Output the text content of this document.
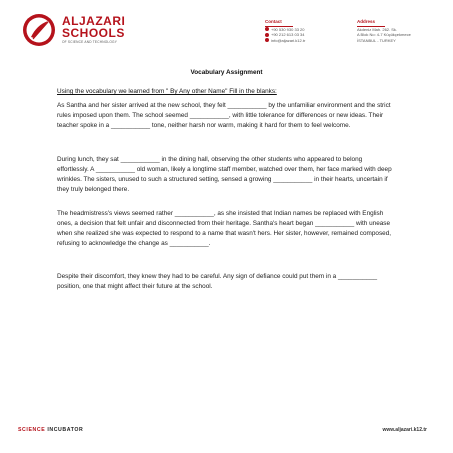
ALJAZARI
SCHOOLS
OF SCIENCE AND TECHNOLOGY
Contact
+90 530 930 33 20
+90 212 613 03 34
info@aljazari.k12.tr
Address
Akdeniz Mah. 262. Sk.
A Blok No: 4-7 Küçükçekmece
İSTANBUL - TURKEY
Vocabulary Assignment
Using the vocabulary we learned from " By Any other Name" Fill in the blanks:

As Santha and her sister arrived at the new school, they felt ___________ by the unfamiliar environment and the strict rules imposed upon them. The school seemed ___________, with little tolerance for differences or new ideas. Their teacher spoke in a ___________ tone, neither harsh nor warm, making it hard for them to feel welcome.

During lunch, they sat ___________ in the dining hall, observing the other students who appeared to belong effortlessly. A ___________ old woman, likely a longtime staff member, watched over them, her face marked with deep wrinkles. The sisters, unused to such a structured setting, sensed a growing ___________ in their hearts, uncertain if they truly belonged there.

The headmistress's views seemed rather ___________, as she insisted that Indian names be replaced with English ones, a decision that felt unfair and disconnected from their heritage. Santha's heart began ___________ with unease when she realized she was expected to respond to a name that wasn't hers. Her sister, however, remained composed, refusing to acknowledge the change as ___________.

Despite their discomfort, they knew they had to be careful. Any sign of defiance could put them in a ___________ position, one that might affect their future at the school.

SCIENCE INCUBATOR	www.aljazari.k12.tr
